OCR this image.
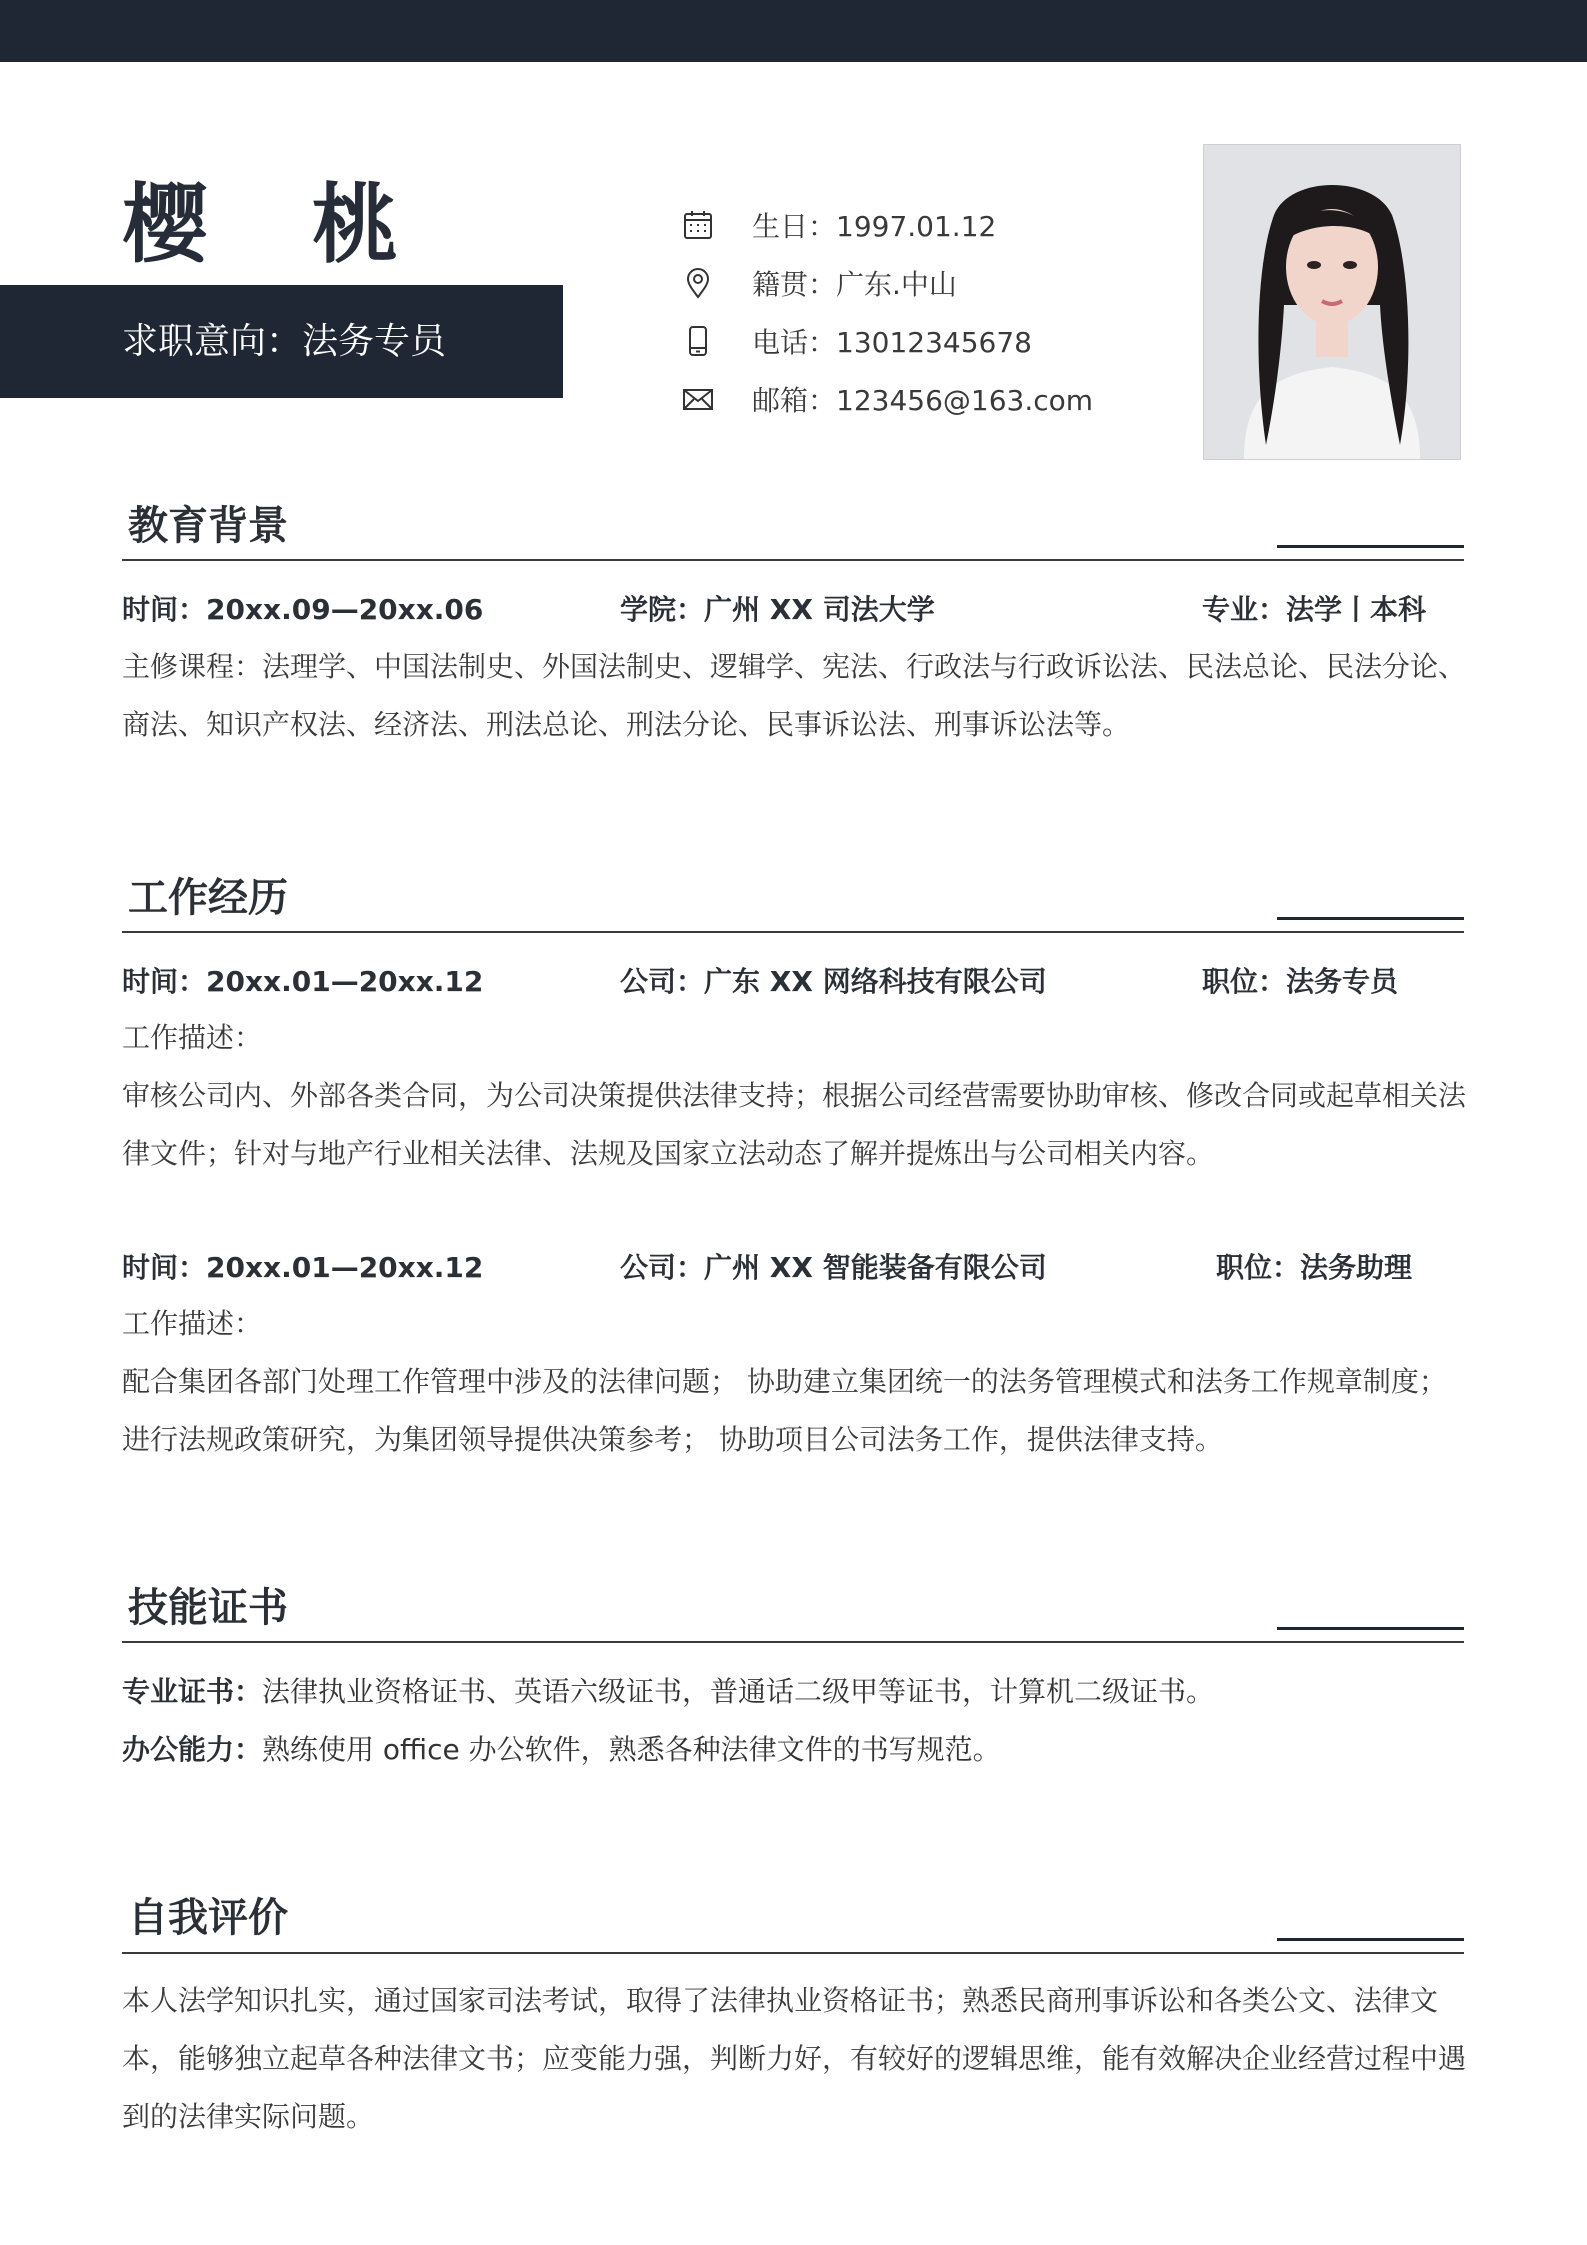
樱 桃
求职意向：法务专员
生日：1997.01.12
籍贯：广东.中山
电话：13012345678
邮箱：123456@163.com
教育背景
时间：20xx.09—20xx.06	学院：广州 XX 司法大学	专业：法学丨本科
主修课程：法理学、中国法制史、外国法制史、逻辑学、宪法、行政法与行政诉讼法、民法总论、民法分论、商法、知识产权法、经济法、刑法总论、刑法分论、民事诉讼法、刑事诉讼法等。
工作经历
时间：20xx.01—20xx.12	公司：广东 XX 网络科技有限公司	职位：法务专员
工作描述：
审核公司内、外部各类合同，为公司决策提供法律支持；根据公司经营需要协助审核、修改合同或起草相关法律文件；针对与地产行业相关法律、法规及国家立法动态了解并提炼出与公司相关内容。
时间：20xx.01—20xx.12	公司：广州 XX 智能装备有限公司	职位：法务助理
工作描述：
配合集团各部门处理工作管理中涉及的法律问题； 协助建立集团统一的法务管理模式和法务工作规章制度； 进行法规政策研究，为集团领导提供决策参考； 协助项目公司法务工作，提供法律支持。
技能证书
专业证书：法律执业资格证书、英语六级证书，普通话二级甲等证书，计算机二级证书。
办公能力：熟练使用 office 办公软件，熟悉各种法律文件的书写规范。
自我评价
本人法学知识扎实，通过国家司法考试，取得了法律执业资格证书；熟悉民商刑事诉讼和各类公文、法律文本，能够独立起草各种法律文书；应变能力强，判断力好，有较好的逻辑思维，能有效解决企业经营过程中遇到的法律实际问题。
